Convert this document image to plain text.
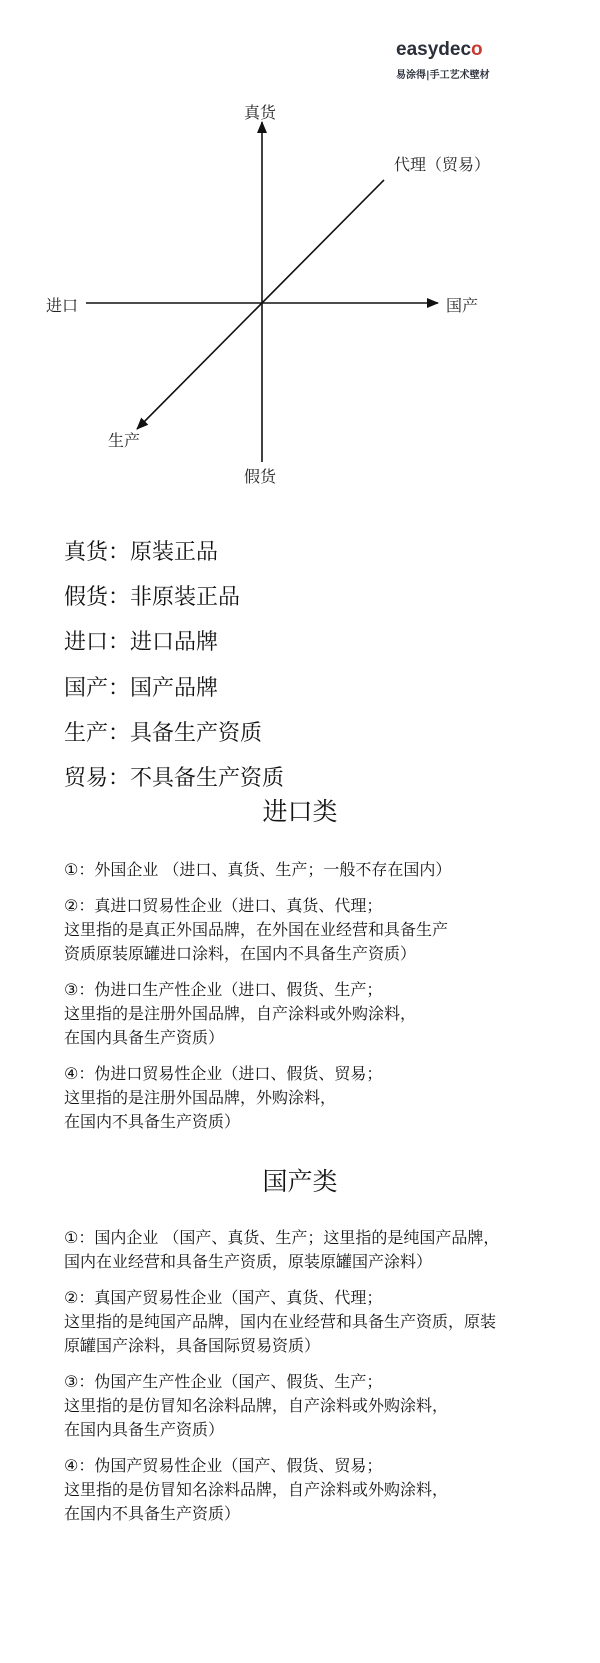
easydeco
易涂得|手工艺术壁材
真货
假货
进口	国产
代理（贸易）
生产
真货：原装正品
假货：非原装正品
进口：进口品牌
国产：国产品牌
生产：具备生产资质
贸易：不具备生产资质
进口类
①：外国企业 （进口、真货、生产；一般不存在国内）
②：真进口贸易性企业（进口、真货、代理；
这里指的是真正外国品牌，在外国在业经营和具备生产
资质原装原罐进口涂料，在国内不具备生产资质）
③：伪进口生产性企业（进口、假货、生产；
这里指的是注册外国品牌，自产涂料或外购涂料，
在国内具备生产资质）
④：伪进口贸易性企业（进口、假货、贸易；
这里指的是注册外国品牌，外购涂料，
在国内不具备生产资质）
国产类
①：国内企业 （国产、真货、生产；这里指的是纯国产品牌，
国内在业经营和具备生产资质，原装原罐国产涂料）
②：真国产贸易性企业（国产、真货、代理；
这里指的是纯国产品牌，国内在业经营和具备生产资质，原装
原罐国产涂料，具备国际贸易资质）
③：伪国产生产性企业（国产、假货、生产；
这里指的是仿冒知名涂料品牌，自产涂料或外购涂料，
在国内具备生产资质）
④：伪国产贸易性企业（国产、假货、贸易；
这里指的是仿冒知名涂料品牌，自产涂料或外购涂料，
在国内不具备生产资质）
